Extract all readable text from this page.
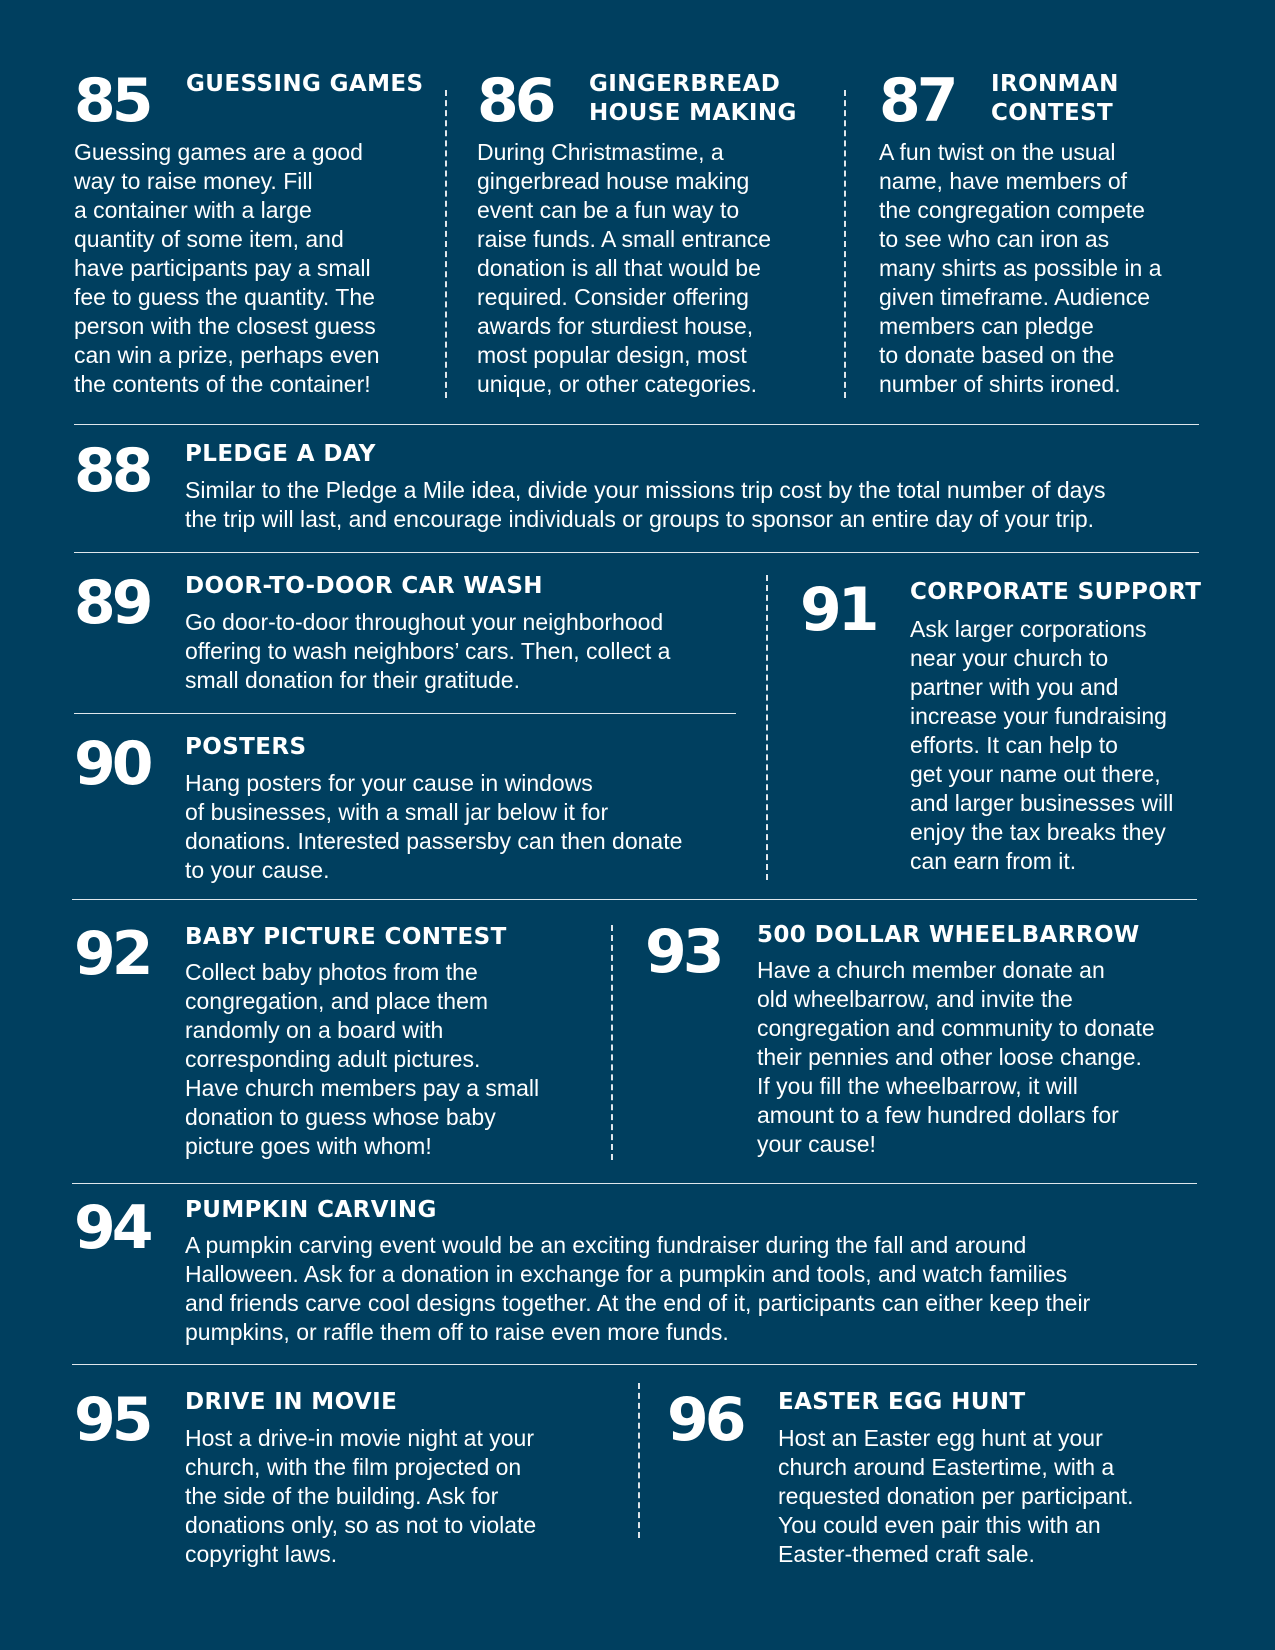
85 GUESSING GAMES
Guessing games are a good
way to raise money. Fill
a container with a large
quantity of some item, and
have participants pay a small
fee to guess the quantity. The
person with the closest guess
can win a prize, perhaps even
the contents of the container!
86 GINGERBREAD
HOUSE MAKING
During Christmastime, a
gingerbread house making
event can be a fun way to
raise funds. A small entrance
donation is all that would be
required. Consider offering
awards for sturdiest house,
most popular design, most
unique, or other categories.
87 IRONMAN
CONTEST
A fun twist on the usual
name, have members of
the congregation compete
to see who can iron as
many shirts as possible in a
given timeframe. Audience
members can pledge
to donate based on the
number of shirts ironed.
88 PLEDGE A DAY
Similar to the Pledge a Mile idea, divide your missions trip cost by the total number of days
the trip will last, and encourage individuals or groups to sponsor an entire day of your trip.
89 DOOR-TO-DOOR CAR WASH
Go door-to-door throughout your neighborhood
offering to wash neighbors’ cars. Then, collect a
small donation for their gratitude.
90 POSTERS
Hang posters for your cause in windows
of businesses, with a small jar below it for
donations. Interested passersby can then donate
to your cause.
91 CORPORATE SUPPORT
Ask larger corporations
near your church to
partner with you and
increase your fundraising
efforts. It can help to
get your name out there,
and larger businesses will
enjoy the tax breaks they
can earn from it.
92 BABY PICTURE CONTEST
Collect baby photos from the
congregation, and place them
randomly on a board with
corresponding adult pictures.
Have church members pay a small
donation to guess whose baby
picture goes with whom!
93 500 DOLLAR WHEELBARROW
Have a church member donate an
old wheelbarrow, and invite the
congregation and community to donate
their pennies and other loose change.
If you fill the wheelbarrow, it will
amount to a few hundred dollars for
your cause!
94 PUMPKIN CARVING
A pumpkin carving event would be an exciting fundraiser during the fall and around
Halloween. Ask for a donation in exchange for a pumpkin and tools, and watch families
and friends carve cool designs together. At the end of it, participants can either keep their
pumpkins, or raffle them off to raise even more funds.
95 DRIVE IN MOVIE
Host a drive-in movie night at your
church, with the film projected on
the side of the building. Ask for
donations only, so as not to violate
copyright laws.
96 EASTER EGG HUNT
Host an Easter egg hunt at your
church around Eastertime, with a
requested donation per participant.
You could even pair this with an
Easter-themed craft sale.
